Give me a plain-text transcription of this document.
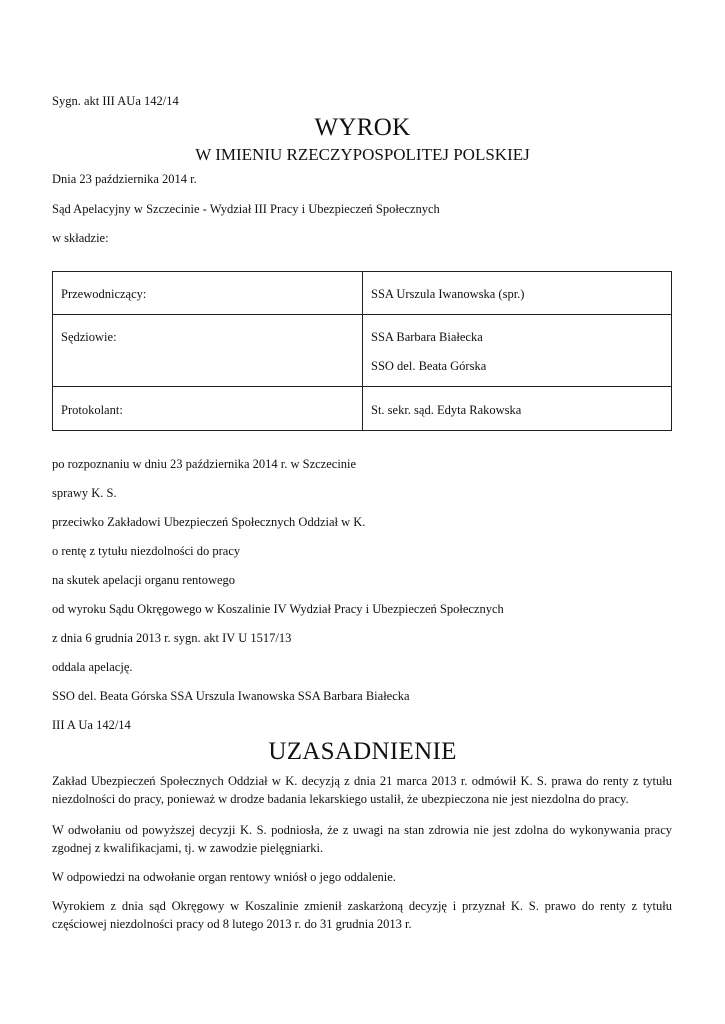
Sygn. akt III AUa 142/14
WYROK
W IMIENIU RZECZYPOSPOLITEJ POLSKIEJ
Dnia 23 października 2014 r.
Sąd Apelacyjny w Szczecinie - Wydział III Pracy i Ubezpieczeń Społecznych
w składzie:
Przewodniczący:	SSA Urszula Iwanowska (spr.)

Sędziowie:	SSA Barbara Białecka
SSO del. Beata Górska

Protokolant:	St. sekr. sąd. Edyta Rakowska
po rozpoznaniu w dniu 23 października 2014 r. w Szczecinie
sprawy K. S.
przeciwko Zakładowi Ubezpieczeń Społecznych Oddział w K.
o rentę z tytułu niezdolności do pracy
na skutek apelacji organu rentowego
od wyroku Sądu Okręgowego w Koszalinie IV Wydział Pracy i Ubezpieczeń Społecznych
z dnia 6 grudnia 2013 r. sygn. akt IV U 1517/13
oddala apelację.
SSO del. Beata Górska SSA Urszula Iwanowska SSA Barbara Białecka
III A Ua 142/14
UZASADNIENIE
Zakład Ubezpieczeń Społecznych Oddział w K. decyzją z dnia 21 marca 2013 r. odmówił K. S. prawa do renty z tytułu niezdolności do pracy, ponieważ w drodze badania lekarskiego ustalił, że ubezpieczona nie jest niezdolna do pracy.
W odwołaniu od powyższej decyzji K. S. podniosła, że z uwagi na stan zdrowia nie jest zdolna do wykonywania pracy zgodnej z kwalifikacjami, tj. w zawodzie pielęgniarki.
W odpowiedzi na odwołanie organ rentowy wniósł o jego oddalenie.
Wyrokiem z dnia sąd Okręgowy w Koszalinie zmienił zaskarżoną decyzję i przyznał K. S. prawo do renty z tytułu częściowej niezdolności pracy od 8 lutego 2013 r. do 31 grudnia 2013 r.
